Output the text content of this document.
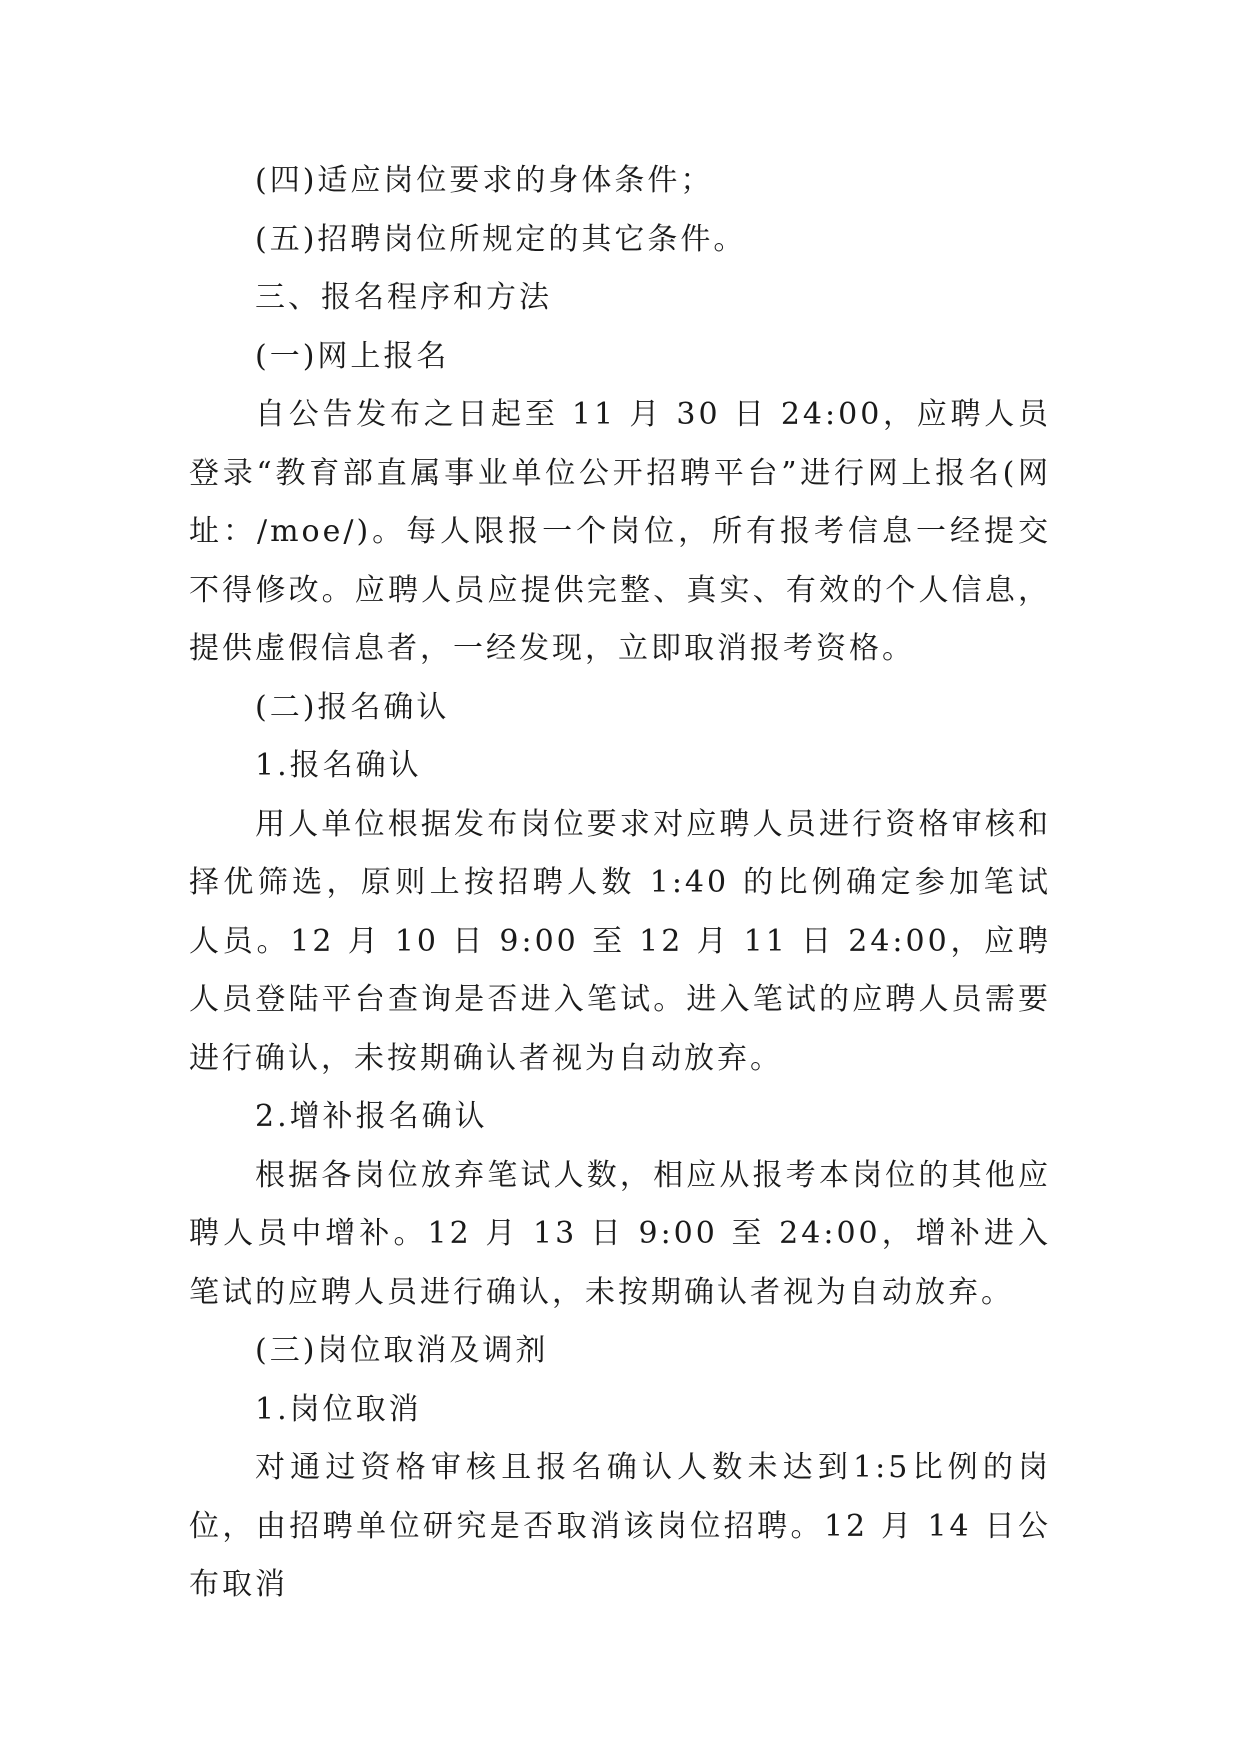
(四)适应岗位要求的身体条件；

(五)招聘岗位所规定的其它条件。

三、报名程序和方法

(一)网上报名

自公告发布之日起至 11 月 30 日 24:00，应聘人员登录“教育部直属事业单位公开招聘平台”进行网上报名(网址：/moe/)。每人限报一个岗位，所有报考信息一经提交不得修改。应聘人员应提供完整、真实、有效的个人信息，提供虚假信息者，一经发现，立即取消报考资格。

(二)报名确认

1.报名确认

用人单位根据发布岗位要求对应聘人员进行资格审核和择优筛选，原则上按招聘人数 1:40 的比例确定参加笔试人员。12 月 10 日 9:00 至 12 月 11 日 24:00，应聘人员登陆平台查询是否进入笔试。进入笔试的应聘人员需要进行确认，未按期确认者视为自动放弃。

2.增补报名确认

根据各岗位放弃笔试人数，相应从报考本岗位的其他应聘人员中增补。12 月 13 日 9:00 至 24:00，增补进入笔试的应聘人员进行确认，未按期确认者视为自动放弃。

(三)岗位取消及调剂

1.岗位取消

对通过资格审核且报名确认人数未达到1:5比例的岗位，由招聘单位研究是否取消该岗位招聘。12 月 14 日公布取消
